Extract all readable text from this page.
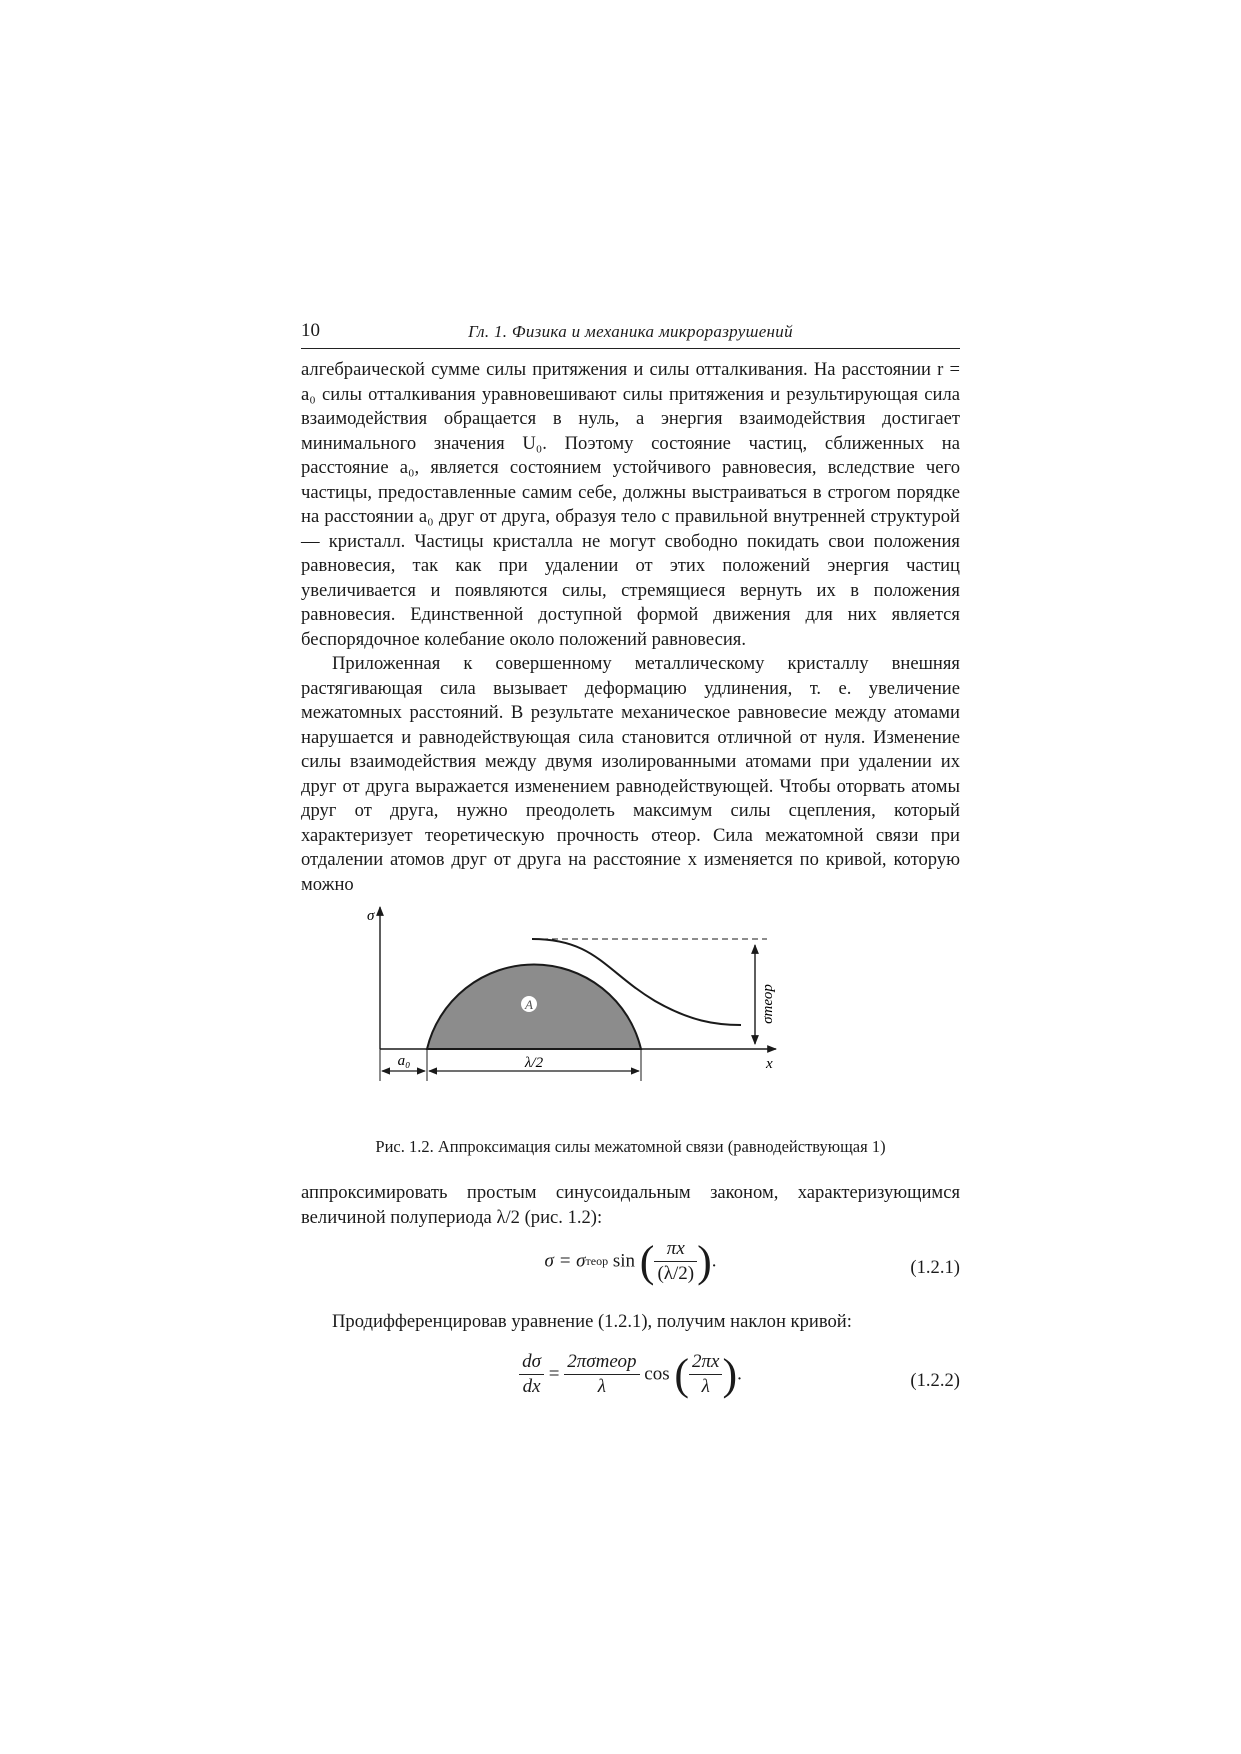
10	Гл. 1. Физика и механика микроразрушений

алгебраической сумме силы притяжения и силы отталкивания. На расстоянии r = a₀ силы отталкивания уравновешивают силы притяжения и результирующая сила взаимодействия обращается в нуль, а энергия взаимодействия достигает минимального значения U₀. Поэтому состояние частиц, сближенных на расстояние a₀, является состоянием устойчивого равновесия, вследствие чего частицы, предоставленные самим себе, должны выстраиваться в строгом порядке на расстоянии a₀ друг от друга, образуя тело с правильной внутренней структурой — кристалл. Частицы кристалла не могут свободно покидать свои положения равновесия, так как при удалении от этих положений энергия частиц увеличивается и появляются силы, стремящиеся вернуть их в положения равновесия. Единственной доступной формой движения для них является беспорядочное колебание около положений равновесия.

Приложенная к совершенному металлическому кристаллу внешняя растягивающая сила вызывает деформацию удлинения, т. е. увеличение межатомных расстояний. В результате механическое равновесие между атомами нарушается и равнодействующая сила становится отличной от нуля. Изменение силы взаимодействия между двумя изолированными атомами при удалении их друг от друга выражается изменением равнодействующей. Чтобы оторвать атомы друг от друга, нужно преодолеть максимум силы сцепления, который характеризует теоретическую прочность σтеор. Сила межатомной связи при отдалении атомов друг от друга на расстояние x изменяется по кривой, которую можно

σтеор
A
σ
x
a₀	λ/2
Рис. 1.2. Аппроксимация силы межатомной связи (равнодействующая 1)

аппроксимировать простым синусоидальным законом, характеризующимся величиной полупериода λ/2 (рис. 1.2):

σ = σтеор sin ( $\frac{\pi x}{(\lambda/2)}$ ).	(1.2.1)

Продифференцировав уравнение (1.2.1), получим наклон кривой:

$\frac{d\sigma}{dx} = \frac{\text{2πσтеор}}{\lambda}$ cos ( $\frac{2\pi x}{\lambda}$ ).	(1.2.2)
